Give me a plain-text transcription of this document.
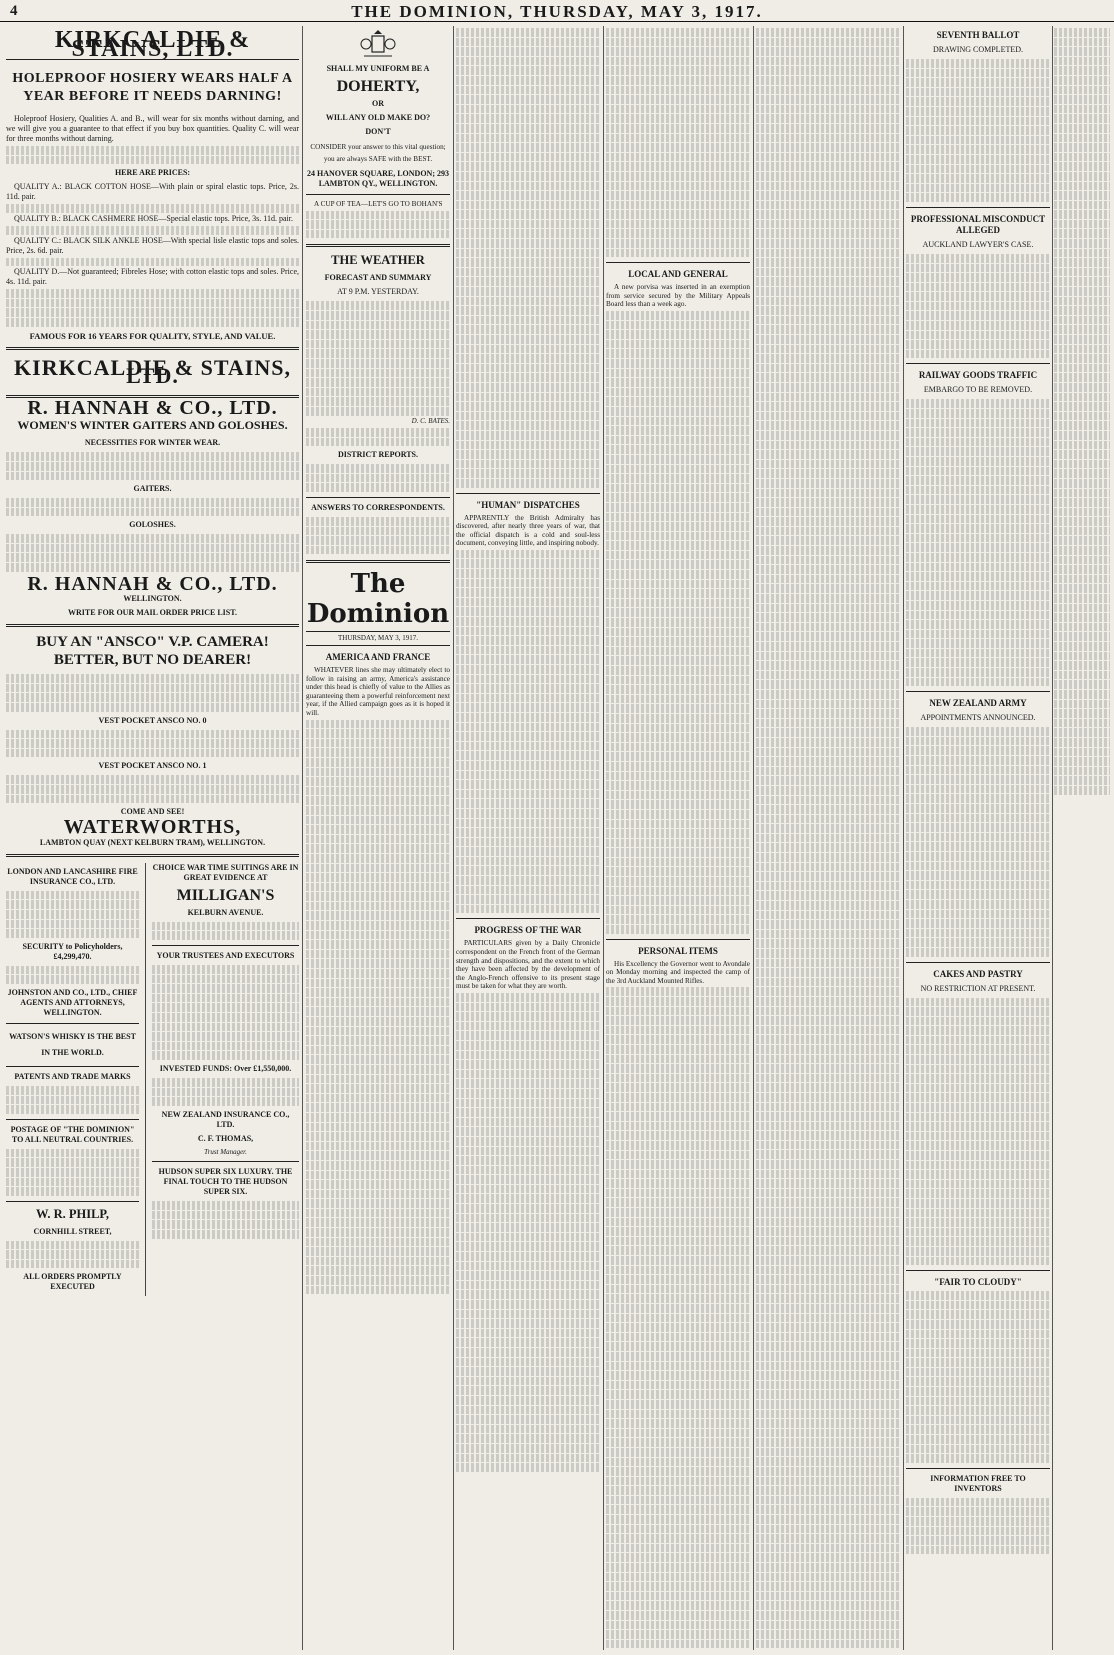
4	THE DOMINION, THURSDAY, MAY 3, 1917.
KIRKCALDIE & STAINS, LTD.
HOLEPROOF HOSIERY WEARS HALF A YEAR BEFORE IT NEEDS DARNING!

Holeproof Hosiery, Qualities A. and B., will wear for six months without darning, and we will give you a guarantee to that effect if you buy box quantities. Quality C. will wear for three months without darning.

HERE ARE PRICES:

QUALITY A.: BLACK COTTON HOSE—With plain or spiral elastic tops. Price, 2s. 11d. pair.

QUALITY B.: BLACK CASHMERE HOSE—Special elastic tops. Price, 3s. 11d. pair.

QUALITY C.: BLACK SILK ANKLE HOSE—With special lisle elastic tops and soles. Price, 2s. 6d. pair.

QUALITY D.—Not guaranteed; Fibreles Hose; with cotton elastic tops and soles. Price, 4s. 11d. pair.

FAMOUS FOR 16 YEARS FOR QUALITY, STYLE, AND VALUE.
KIRKCALDIE & STAINS, LTD.
R. HANNAH & CO., LTD.
WOMEN'S WINTER GAITERS AND GOLOSHES.
NECESSITIES FOR WINTER WEAR.
GAITERS.
GOLOSHES.
R. HANNAH & CO., LTD.
WELLINGTON.
WRITE FOR OUR MAIL ORDER PRICE LIST.
BUY AN "ANSCO" V.P. CAMERA! BETTER, BUT NO DEARER!
VEST POCKET ANSCO NO. 0
VEST POCKET ANSCO NO. 1
COME AND SEE!
WATERWORTHS,
LAMBTON QUAY (NEXT KELBURN TRAM), WELLINGTON.
LONDON AND LANCASHIRE FIRE INSURANCE CO., LTD.
SECURITY to Policyholders, £4,299,470.
JOHNSTON AND CO., LTD., CHIEF AGENTS AND ATTORNEYS, WELLINGTON.
WATSON'S WHISKY IS THE BEST IN THE WORLD.
PATENTS AND TRADE MARKS
POSTAGE OF "THE DOMINION" TO ALL NEUTRAL COUNTRIES.
W. R. PHILP,
CORNHILL STREET,
ALL ORDERS PROMPTLY EXECUTED
CHOICE WAR TIME SUITINGS ARE IN GREAT EVIDENCE AT
MILLIGAN'S
KELBURN AVENUE.
YOUR TRUSTEES AND EXECUTORS
INVESTED FUNDS: Over £1,550,000.
NEW ZEALAND INSURANCE CO., LTD.
C. F. THOMAS,
Trust Manager.
HUDSON SUPER SIX LUXURY. THE FINAL TOUCH TO THE HUDSON SUPER SIX.
SHALL MY UNIFORM BE A
DOHERTY,
OR
WILL ANY OLD MAKE DO?
DON'T

CONSIDER your answer to this vital question; you are always SAFE with the BEST.

24 HANOVER SQUARE, LONDON; 293 LAMBTON QY., WELLINGTON.

A CUP OF TEA—LET'S GO TO BOHAN'S

THE WEATHER
FORECAST AND SUMMARY
AT 9 P.M. YESTERDAY.
D. C. BATES.
DISTRICT REPORTS.
ANSWERS TO CORRESPONDENTS.
The Dominion
THURSDAY, MAY 3, 1917.
AMERICA AND FRANCE

WHATEVER lines she may ultimately elect to follow in raising an army, America's assistance under this head is chiefly of value to the Allies as guaranteeing them a powerful reinforcement next year, if the Allied campaign goes as it is hoped it will.

"HUMAN" DISPATCHES

APPARENTLY the British Admiralty has discovered, after nearly three years of war, that the official dispatch is a cold and soul-less document, conveying little, and inspiring nobody.

PROGRESS OF THE WAR

PARTICULARS given by a Daily Chronicle correspondent on the French front of the German strength and dispositions, and the extent to which they have been affected by the development of the Anglo-French offensive to its present stage must be taken for what they are worth.

LOCAL AND GENERAL

A new porvisa was inserted in an exemption from service secured by the Military Appeals Board less than a week ago.

PERSONAL ITEMS

His Excellency the Governor went to Avondale on Monday morning and inspected the camp of the 3rd Auckland Mounted Rifles.

SEVENTH BALLOT
DRAWING COMPLETED.
PROFESSIONAL MISCONDUCT ALLEGED
AUCKLAND LAWYER'S CASE.
RAILWAY GOODS TRAFFIC
EMBARGO TO BE REMOVED.
NEW ZEALAND ARMY
APPOINTMENTS ANNOUNCED.
CAKES AND PASTRY
NO RESTRICTION AT PRESENT.
"FAIR TO CLOUDY"
INFORMATION FREE TO INVENTORS
